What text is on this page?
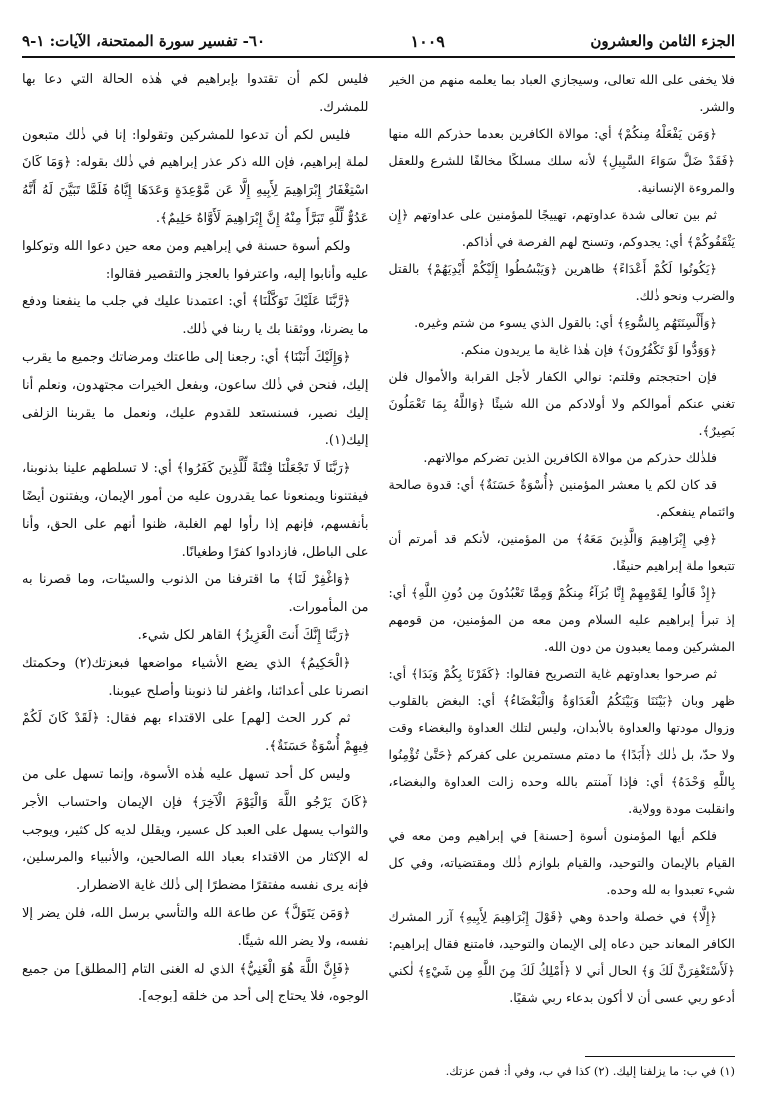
الجزء الثامن والعشرون
١٠٠٩
٦٠- تفسير سورة الممتحنة، الآيات: ١-٩

فلا يخفى على الله تعالى، وسيجازي العباد بما يعلمه منهم من الخير والشر.

﴿وَمَن يَفْعَلْهُ مِنكُمْ﴾ أي: موالاة الكافرين بعدما حذركم الله منها ﴿فَقَدْ ضَلَّ سَوَاءَ السَّبِيلِ﴾ لأنه سلك مسلكًا مخالفًا للشرع وللعقل والمروءة الإنسانية.

ثم بين تعالى شدة عداوتهم، تهييجًا للمؤمنين على عداوتهم ﴿إِن يَثْقَفُوكُمْ﴾ أي: يجدوكم، وتسنح لهم الفرصة في أذاكم.

﴿يَكُونُوا لَكُمْ أَعْدَاءً﴾ ظاهرين ﴿وَيَبْسُطُوا إِلَيْكُمْ أَيْدِيَهُمْ﴾ بالقتل والضرب ونحو ذٰلك.

﴿وَأَلْسِنَتَهُم بِالسُّوءِ﴾ أي: بالقول الذي يسوء من شتم وغيره.

﴿وَوَدُّوا لَوْ تَكْفُرُونَ﴾ فإن هٰذا غاية ما يريدون منكم.

فإن احتججتم وقلتم: نوالي الكفار لأجل القرابة والأموال فلن تغني عنكم أموالكم ولا أولادكم من الله شيئًا ﴿وَاللَّهُ بِمَا تَعْمَلُونَ بَصِيرٌ﴾.

فلذٰلك حذركم من موالاة الكافرين الذين تضركم موالاتهم.

قد كان لكم يا معشر المؤمنين ﴿أُسْوَةٌ حَسَنَةٌ﴾ أي: قدوة صالحة وائتمام ينفعكم.

﴿فِي إِبْرَاهِيمَ وَالَّذِينَ مَعَهُ﴾ من المؤمنين، لأنكم قد أمرتم أن تتبعوا ملة إبراهيم حنيفًا.

﴿إِذْ قَالُوا لِقَوْمِهِمْ إِنَّا بُرَآءُ مِنكُمْ وَمِمَّا تَعْبُدُونَ مِن دُونِ اللَّهِ﴾ أي: إذ تبرأ إبراهيم عليه السلام ومن معه من المؤمنين، من قومهم المشركين ومما يعبدون من دون الله.

ثم صرحوا بعداوتهم غاية التصريح فقالوا: ﴿كَفَرْنَا بِكُمْ وَبَدَا﴾ أي: ظهر وبان ﴿بَيْنَنَا وَبَيْنَكُمُ الْعَدَاوَةُ وَالْبَغْضَاءُ﴾ أي: البغض بالقلوب وزوال مودتها والعداوة بالأبدان، وليس لتلك العداوة والبغضاء وقت ولا حدّ، بل ذٰلك ﴿أَبَدًا﴾ ما دمتم مستمرين على كفركم ﴿حَتَّىٰ تُؤْمِنُوا بِاللَّهِ وَحْدَهُ﴾ أي: فإذا آمنتم بالله وحده زالت العداوة والبغضاء، وانقلبت مودة وولاية.

فلكم أيها المؤمنون أسوة [حسنة] في إبراهيم ومن معه في القيام بالإيمان والتوحيد، والقيام بلوازم ذٰلك ومقتضياته، وفي كل شيء تعبدوا به لله وحده.

﴿إِلَّا﴾ في خصلة واحدة وهي ﴿قَوْلَ إِبْرَاهِيمَ لِأَبِيهِ﴾ آزر المشرك الكافر المعاند حين دعاه إلى الإيمان والتوحيد، فامتنع فقال إبراهيم: ﴿لَأَسْتَغْفِرَنَّ لَكَ وَ﴾ الحال أني لا ﴿أَمْلِكُ لَكَ مِنَ اللَّهِ مِن شَيْءٍ﴾ لٰكني أدعو ربي عسى أن لا أكون بدعاء ربي شقيًا.

فليس لكم أن تقتدوا بإبراهيم في هٰذه الحالة التي دعا بها للمشرك.

فليس لكم أن تدعوا للمشركين وتقولوا: إنا في ذٰلك متبعون لملة إبراهيم، فإن الله ذكر عذر إبراهيم في ذٰلك بقوله: ﴿وَمَا كَانَ اسْتِغْفَارُ إِبْرَاهِيمَ لِأَبِيهِ إِلَّا عَن مَّوْعِدَةٍ وَعَدَهَا إِيَّاهُ فَلَمَّا تَبَيَّنَ لَهُ أَنَّهُ عَدُوٌّ لِّلَّهِ تَبَرَّأَ مِنْهُ إِنَّ إِبْرَاهِيمَ لَأَوَّاهٌ حَلِيمٌ﴾.

ولكم أسوة حسنة في إبراهيم ومن معه حين دعوا الله وتوكلوا عليه وأنابوا إليه، واعترفوا بالعجز والتقصير فقالوا:

﴿رَّبَّنَا عَلَيْكَ تَوَكَّلْنَا﴾ أي: اعتمدنا عليك في جلب ما ينفعنا ودفع ما يضرنا، ووثقنا بك يا ربنا في ذٰلك.

﴿وَإِلَيْكَ أَنَبْنَا﴾ أي: رجعنا إلى طاعتك ومرضاتك وجميع ما يقرب إليك، فنحن في ذٰلك ساعون، وبفعل الخيرات مجتهدون، ونعلم أنا إليك نصير، فسنستعد للقدوم عليك، ونعمل ما يقربنا الزلفى إليك(١).

﴿رَبَّنَا لَا تَجْعَلْنَا فِتْنَةً لِّلَّذِينَ كَفَرُوا﴾ أي: لا تسلطهم علينا بذنوبنا، فيفتنونا ويمنعونا عما يقدرون عليه من أمور الإيمان، ويفتنون أيضًا بأنفسهم، فإنهم إذا رأوا لهم الغلبة، ظنوا أنهم على الحق، وأنا على الباطل، فازدادوا كفرًا وطغيانًا.

﴿وَاغْفِرْ لَنَا﴾ ما اقترفنا من الذنوب والسيئات، وما قصرنا به من المأمورات.

﴿رَبَّنَا إِنَّكَ أَنتَ الْعَزِيزُ﴾ القاهر لكل شيء.

﴿الْحَكِيمُ﴾ الذي يضع الأشياء مواضعها فبعزتك(٢) وحكمتك انصرنا على أعدائنا، واغفر لنا ذنوبنا وأصلح عيوبنا.

ثم كرر الحث [لهم] على الاقتداء بهم فقال: ﴿لَقَدْ كَانَ لَكُمْ فِيهِمْ أُسْوَةٌ حَسَنَةٌ﴾.

وليس كل أحد تسهل عليه هٰذه الأسوة، وإنما تسهل على من ﴿كَانَ يَرْجُو اللَّهَ وَالْيَوْمَ الْآخِرَ﴾ فإن الإيمان واحتساب الأجر والثواب يسهل على العبد كل عسير، ويقلل لديه كل كثير، ويوجب له الإكثار من الاقتداء بعباد الله الصالحين، والأنبياء والمرسلين، فإنه يرى نفسه مفتقرًا مضطرًا إلى ذٰلك غاية الاضطرار.

﴿وَمَن يَتَوَلَّ﴾ عن طاعة الله والتأسي برسل الله، فلن يضر إلا نفسه، ولا يضر الله شيئًا.

﴿فَإِنَّ اللَّهَ هُوَ الْغَنِيُّ﴾ الذي له الغنى التام [المطلق] من جميع الوجوه، فلا يحتاج إلى أحد من خلقه [بوجه].

(١) في ب: ما يزلفنا إليك. (٢) كذا في ب، وفي أ: فمن عزتك.
